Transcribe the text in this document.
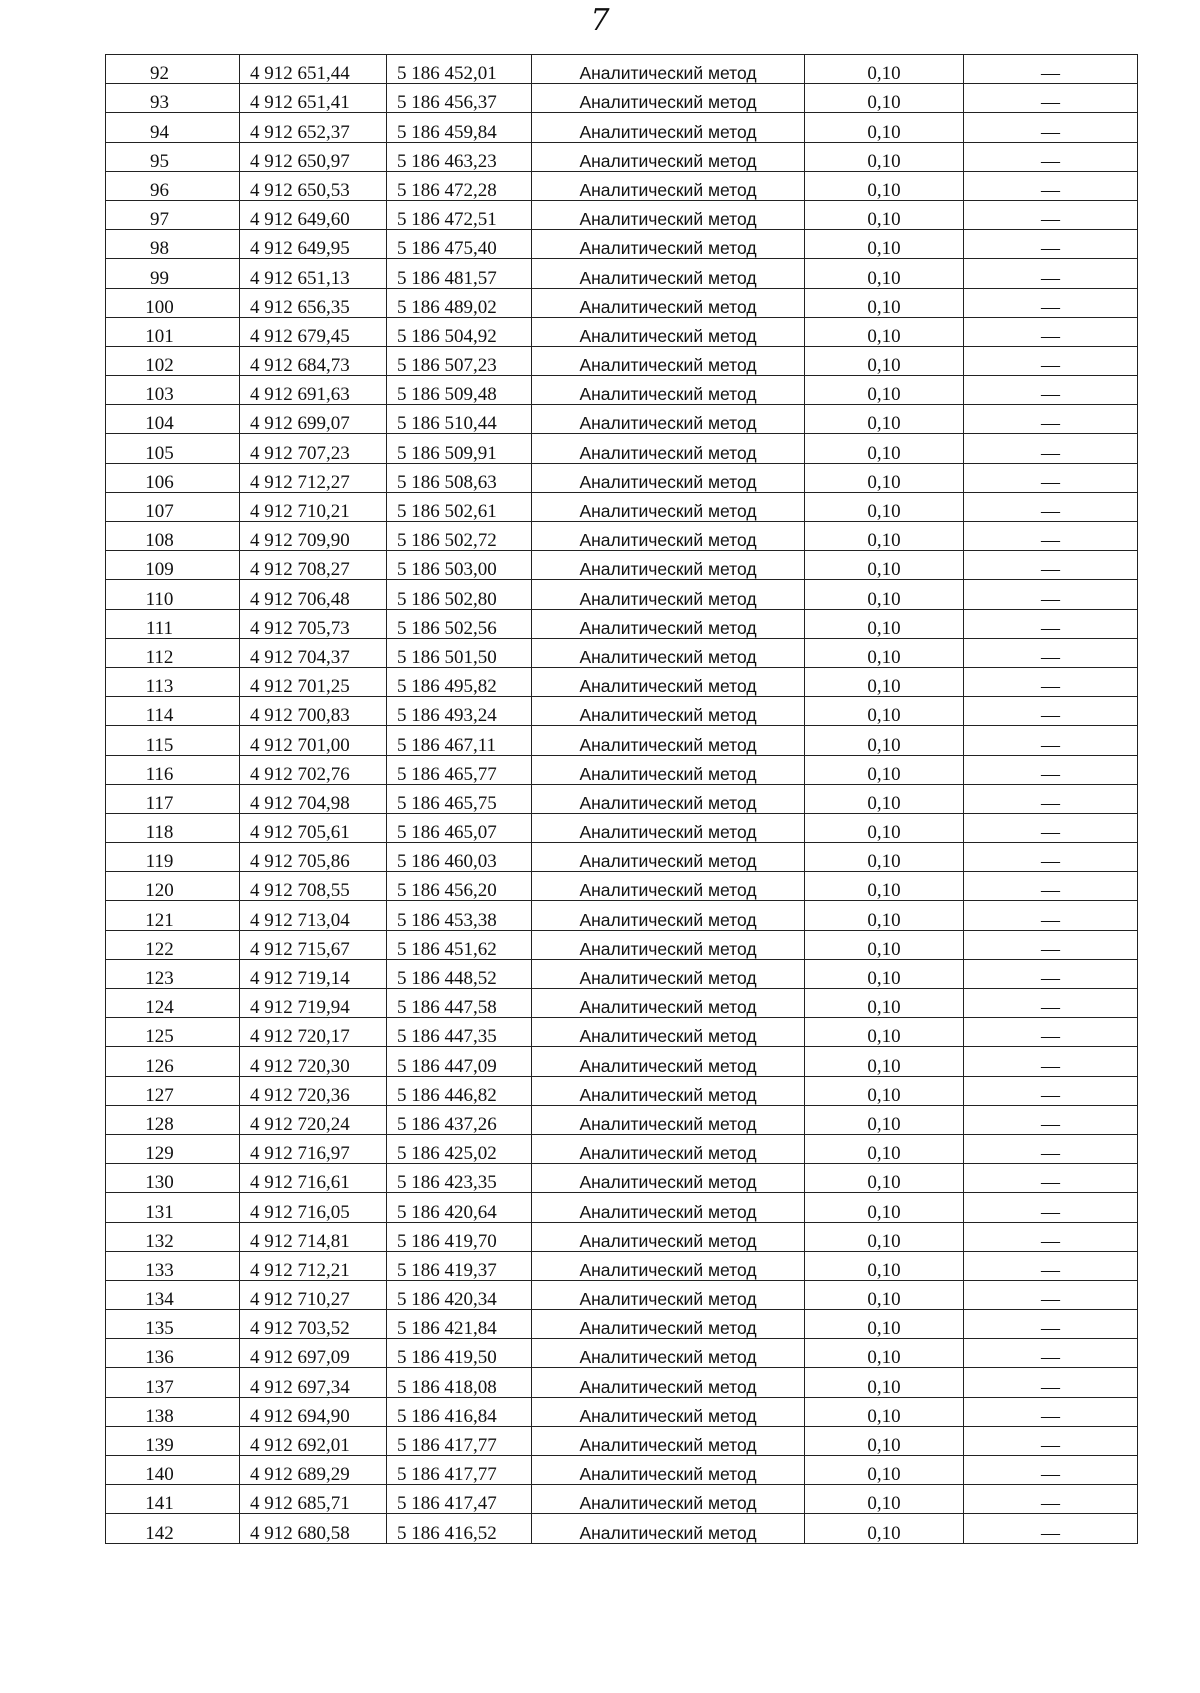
7
92	4 912 651,44	5 186 452,01	Аналитический метод	0,10	—
93	4 912 651,41	5 186 456,37	Аналитический метод	0,10	—
94	4 912 652,37	5 186 459,84	Аналитический метод	0,10	—
95	4 912 650,97	5 186 463,23	Аналитический метод	0,10	—
96	4 912 650,53	5 186 472,28	Аналитический метод	0,10	—
97	4 912 649,60	5 186 472,51	Аналитический метод	0,10	—
98	4 912 649,95	5 186 475,40	Аналитический метод	0,10	—
99	4 912 651,13	5 186 481,57	Аналитический метод	0,10	—
100	4 912 656,35	5 186 489,02	Аналитический метод	0,10	—
101	4 912 679,45	5 186 504,92	Аналитический метод	0,10	—
102	4 912 684,73	5 186 507,23	Аналитический метод	0,10	—
103	4 912 691,63	5 186 509,48	Аналитический метод	0,10	—
104	4 912 699,07	5 186 510,44	Аналитический метод	0,10	—
105	4 912 707,23	5 186 509,91	Аналитический метод	0,10	—
106	4 912 712,27	5 186 508,63	Аналитический метод	0,10	—
107	4 912 710,21	5 186 502,61	Аналитический метод	0,10	—
108	4 912 709,90	5 186 502,72	Аналитический метод	0,10	—
109	4 912 708,27	5 186 503,00	Аналитический метод	0,10	—
110	4 912 706,48	5 186 502,80	Аналитический метод	0,10	—
111	4 912 705,73	5 186 502,56	Аналитический метод	0,10	—
112	4 912 704,37	5 186 501,50	Аналитический метод	0,10	—
113	4 912 701,25	5 186 495,82	Аналитический метод	0,10	—
114	4 912 700,83	5 186 493,24	Аналитический метод	0,10	—
115	4 912 701,00	5 186 467,11	Аналитический метод	0,10	—
116	4 912 702,76	5 186 465,77	Аналитический метод	0,10	—
117	4 912 704,98	5 186 465,75	Аналитический метод	0,10	—
118	4 912 705,61	5 186 465,07	Аналитический метод	0,10	—
119	4 912 705,86	5 186 460,03	Аналитический метод	0,10	—
120	4 912 708,55	5 186 456,20	Аналитический метод	0,10	—
121	4 912 713,04	5 186 453,38	Аналитический метод	0,10	—
122	4 912 715,67	5 186 451,62	Аналитический метод	0,10	—
123	4 912 719,14	5 186 448,52	Аналитический метод	0,10	—
124	4 912 719,94	5 186 447,58	Аналитический метод	0,10	—
125	4 912 720,17	5 186 447,35	Аналитический метод	0,10	—
126	4 912 720,30	5 186 447,09	Аналитический метод	0,10	—
127	4 912 720,36	5 186 446,82	Аналитический метод	0,10	—
128	4 912 720,24	5 186 437,26	Аналитический метод	0,10	—
129	4 912 716,97	5 186 425,02	Аналитический метод	0,10	—
130	4 912 716,61	5 186 423,35	Аналитический метод	0,10	—
131	4 912 716,05	5 186 420,64	Аналитический метод	0,10	—
132	4 912 714,81	5 186 419,70	Аналитический метод	0,10	—
133	4 912 712,21	5 186 419,37	Аналитический метод	0,10	—
134	4 912 710,27	5 186 420,34	Аналитический метод	0,10	—
135	4 912 703,52	5 186 421,84	Аналитический метод	0,10	—
136	4 912 697,09	5 186 419,50	Аналитический метод	0,10	—
137	4 912 697,34	5 186 418,08	Аналитический метод	0,10	—
138	4 912 694,90	5 186 416,84	Аналитический метод	0,10	—
139	4 912 692,01	5 186 417,77	Аналитический метод	0,10	—
140	4 912 689,29	5 186 417,77	Аналитический метод	0,10	—
141	4 912 685,71	5 186 417,47	Аналитический метод	0,10	—
142	4 912 680,58	5 186 416,52	Аналитический метод	0,10	—
